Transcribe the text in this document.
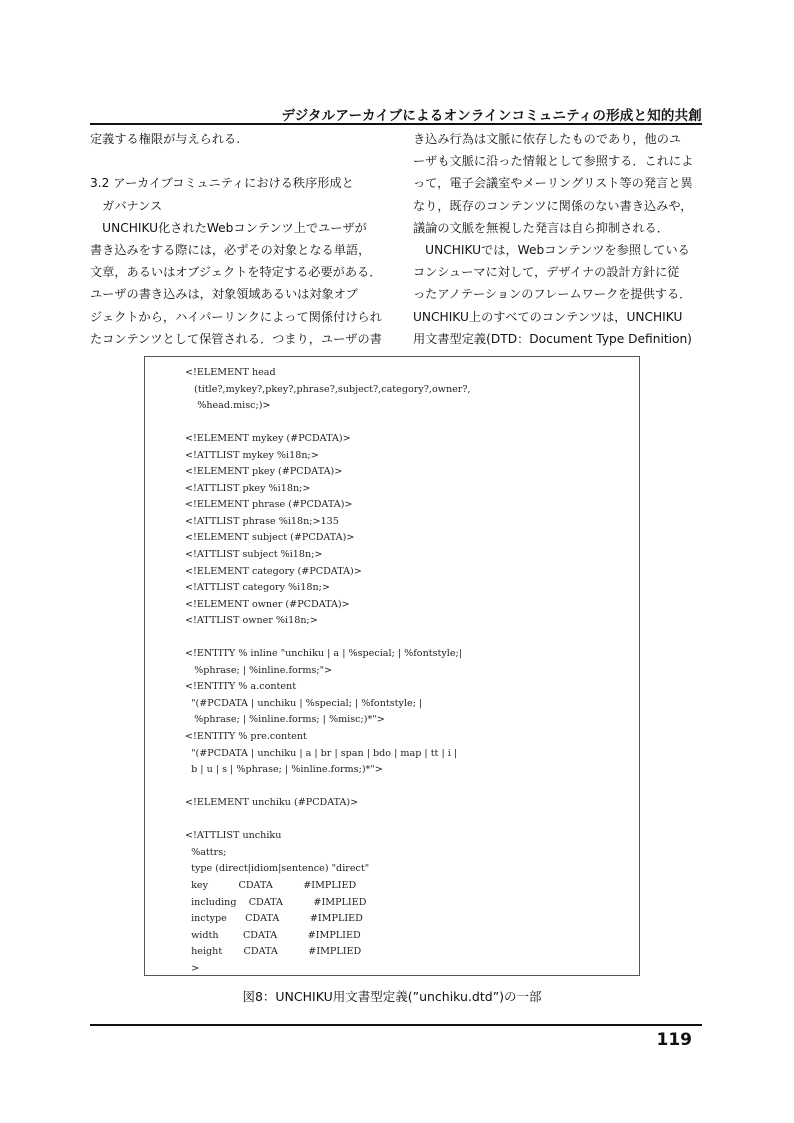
デジタルアーカイブによるオンラインコミュニティの形成と知的共創
定義する権限が与えられる.
3.2 アーカイブコミュニティにおける秩序形成と
　ガバナンス
　UNCHIKU化されたWebコンテンツ上でユーザが
書き込みをする際には，必ずその対象となる単語，
文章，あるいはオブジェクトを特定する必要がある．
ユーザの書き込みは，対象領域あるいは対象オブ
ジェクトから，ハイパーリンクによって関係付けられ
たコンテンツとして保管される．つまり，ユーザの書
き込み行為は文脈に依存したものであり，他のユ
ーザも文脈に沿った情報として参照する．これによ
って，電子会議室やメーリングリスト等の発言と異
なり，既存のコンテンツに関係のない書き込みや，
議論の文脈を無視した発言は自ら抑制される．
　UNCHIKUでは，Webコンテンツを参照している
コンシューマに対して，デザイナの設計方針に従
ったアノテーションのフレームワークを提供する．
UNCHIKU上のすべてのコンテンツは，UNCHIKU
用文書型定義(DTD：Document Type Definition)
<!ELEMENT head
(title?,mykey?,pkey?,phrase?,subject?,category?,owner?,
%head.misc;)>
<!ELEMENT mykey (#PCDATA)>
<!ATTLIST mykey %i18n;>
<!ELEMENT pkey (#PCDATA)>
<!ATTLIST pkey %i18n;>
<!ELEMENT phrase (#PCDATA)>
<!ATTLIST phrase %i18n;>135
<!ELEMENT subject (#PCDATA)>
<!ATTLIST subject %i18n;>
<!ELEMENT category (#PCDATA)>
<!ATTLIST category %i18n;>
<!ELEMENT owner (#PCDATA)>
<!ATTLIST owner %i18n;>
<!ENTITY % inline "unchiku | a | %special; | %fontstyle;|
%phrase; | %inline.forms;">
<!ENTITY % a.content
"(#PCDATA | unchiku | %special; | %fontstyle; |
%phrase; | %inline.forms; | %misc;)*">
<!ENTITY % pre.content
"(#PCDATA | unchiku | a | br | span | bdo | map | tt | i |
b | u | s | %phrase; | %inline.forms;)*">
<!ELEMENT unchiku (#PCDATA)>
<!ATTLIST unchiku
%attrs;
type (direct|idiom|sentence) "direct"
key          CDATA          #IMPLIED
including    CDATA          #IMPLIED
inctype      CDATA          #IMPLIED
width        CDATA          #IMPLIED
height       CDATA          #IMPLIED
>
図8：UNCHIKU用文書型定義(”unchiku.dtd”)の一部
119
